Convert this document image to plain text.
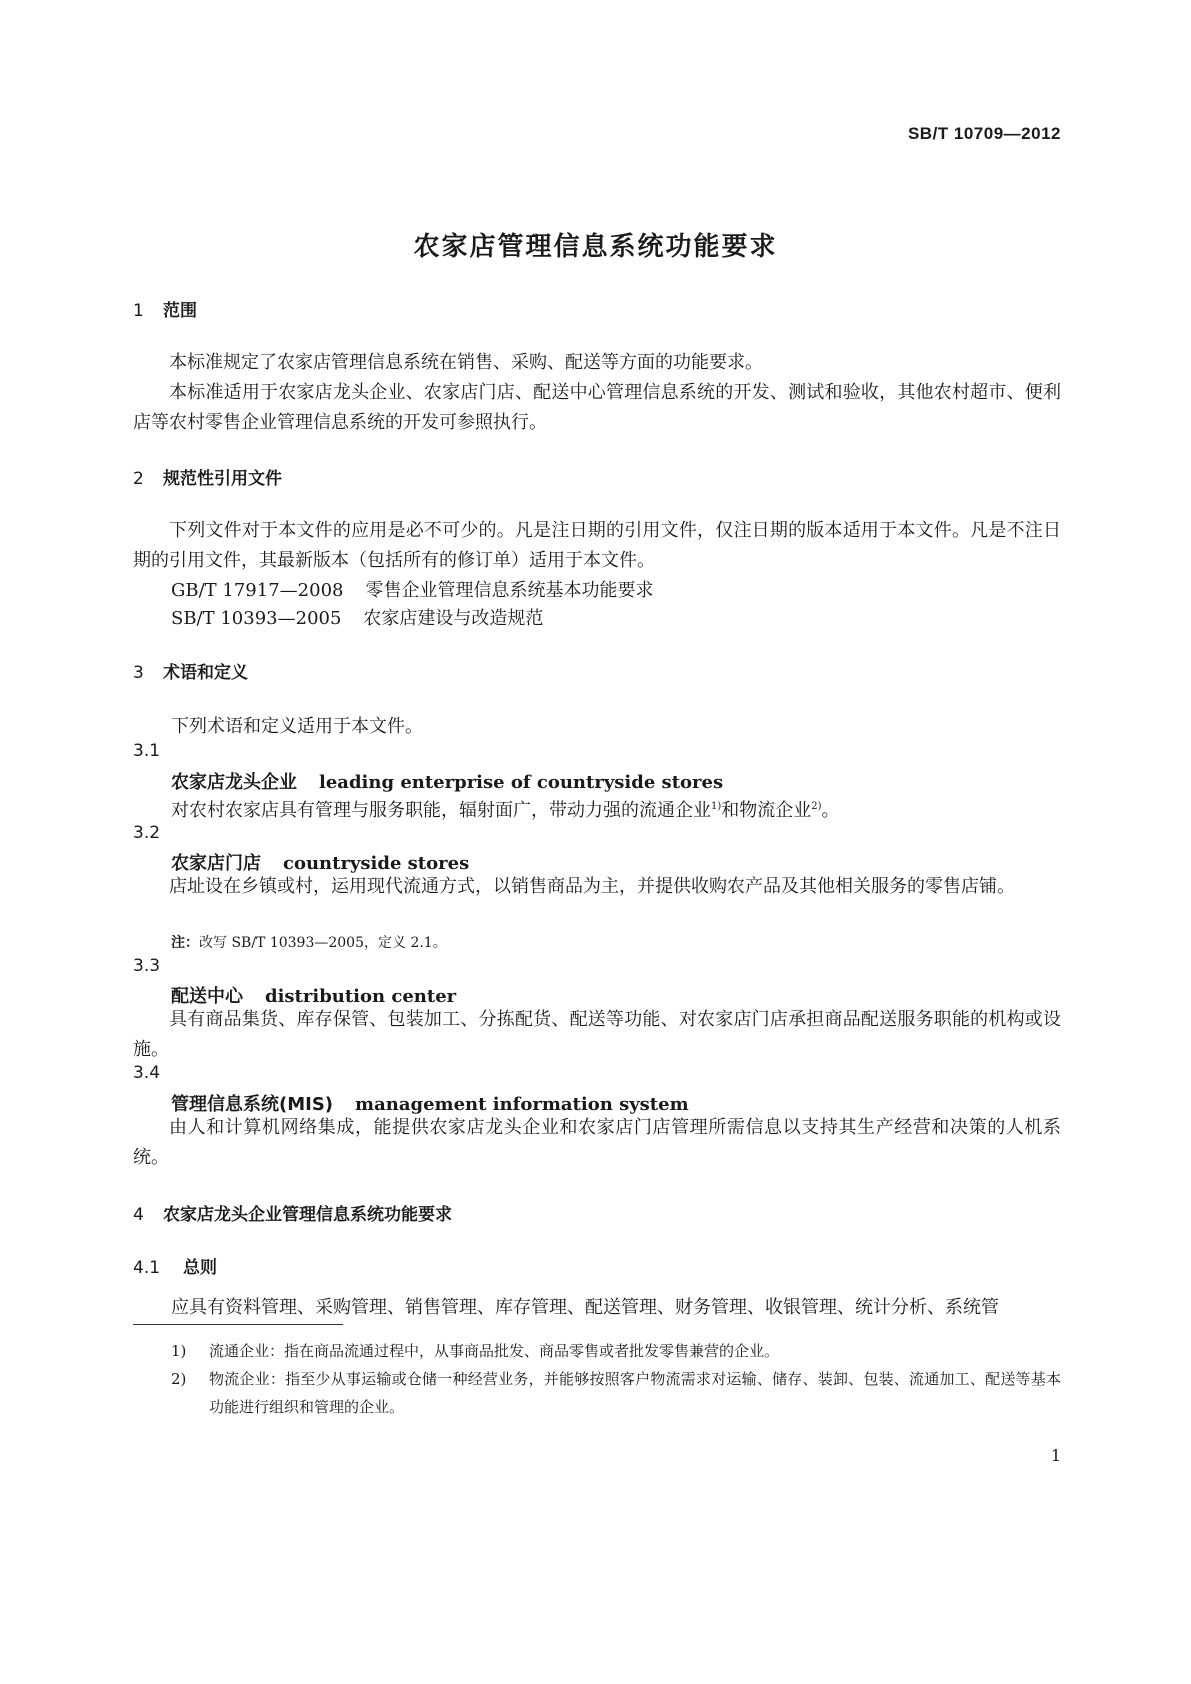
SB/T 10709—2012
农家店管理信息系统功能要求
1 范围
本标准规定了农家店管理信息系统在销售、采购、配送等方面的功能要求。
本标准适用于农家店龙头企业、农家店门店、配送中心管理信息系统的开发、测试和验收，其他农村超市、便利店等农村零售企业管理信息系统的开发可参照执行。
2 规范性引用文件
下列文件对于本文件的应用是必不可少的。凡是注日期的引用文件，仅注日期的版本适用于本文件。凡是不注日期的引用文件，其最新版本（包括所有的修订单）适用于本文件。
GB/T 17917—2008 零售企业管理信息系统基本功能要求
SB/T 10393—2005 农家店建设与改造规范
3 术语和定义
下列术语和定义适用于本文件。
3.1
农家店龙头企业 leading enterprise of countryside stores
对农村农家店具有管理与服务职能，辐射面广，带动力强的流通企业$^{1)}$和物流企业$^{2)}$。
3.2
农家店门店 countryside stores
店址设在乡镇或村，运用现代流通方式，以销售商品为主，并提供收购农产品及其他相关服务的零售店铺。
注：改写 SB/T 10393—2005，定义 2.1。
3.3
配送中心 distribution center
具有商品集货、库存保管、包装加工、分拣配货、配送等功能、对农家店门店承担商品配送服务职能的机构或设施。
3.4
管理信息系统(MIS) management information system
由人和计算机网络集成，能提供农家店龙头企业和农家店门店管理所需信息以支持其生产经营和决策的人机系统。
4 农家店龙头企业管理信息系统功能要求
4.1 总则
应具有资料管理、采购管理、销售管理、库存管理、配送管理、财务管理、收银管理、统计分析、系统管
1) 流通企业：指在商品流通过程中，从事商品批发、商品零售或者批发零售兼营的企业。
2) 物流企业：指至少从事运输或仓储一种经营业务，并能够按照客户物流需求对运输、储存、装卸、包装、流通加工、配送等基本功能进行组织和管理的企业。
1
